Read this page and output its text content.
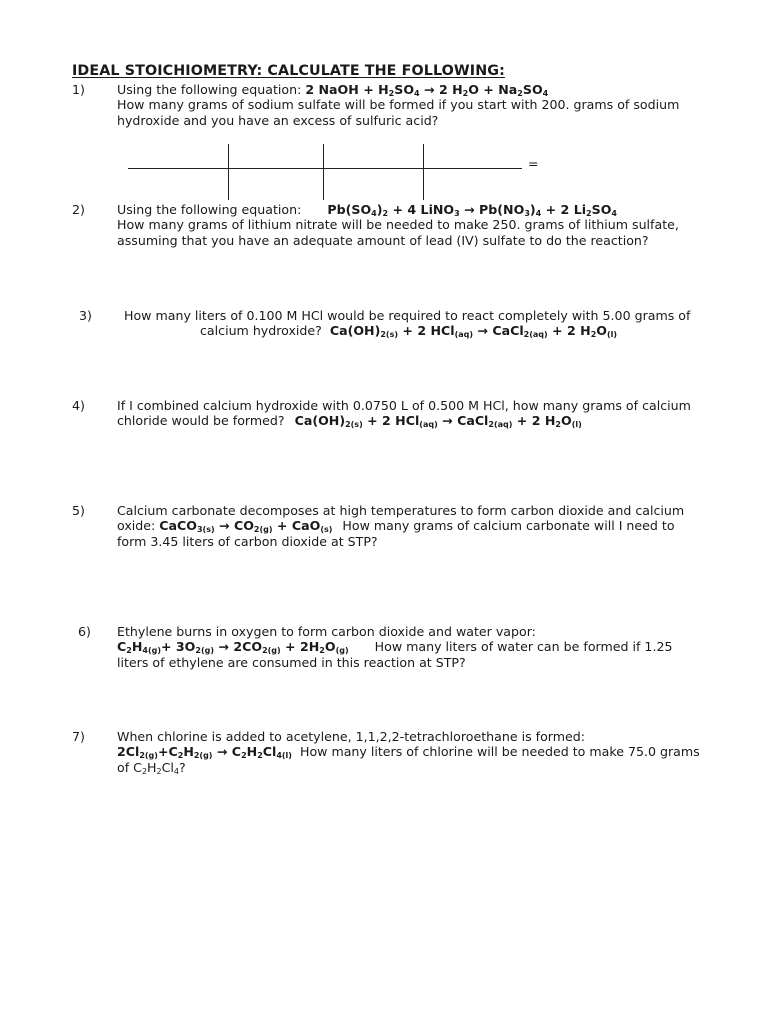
IDEAL STOICHIOMETRY: CALCULATE THE FOLLOWING:
1)	Using the following equation: 2 NaOH + $H_2SO_4 \to 2$ $H_2O + Na_2SO_4$
How many grams of sodium sulfate will be formed if you start with 200. grams of sodium
hydroxide and you have an excess of sulfuric acid?
=
2)	Using the following equation: $Pb(SO_4)_2 + 4$ LiNO$_3$ → $Pb(NO_3)_4 + 2$ $Li_2SO_4$
How many grams of lithium nitrate will be needed to make 250. grams of lithium sulfate,
assuming that you have an adequate amount of lead (IV) sulfate to do the reaction?
3)	How many liters of 0.100 M HCl would be required to react completely with 5.00 grams of
calcium hydroxide? $Ca(OH)_{2(s)} + 2$ HCl$_{(aq)}$ → CaCl$_{2(aq)}$ + 2 $H_2O_{(l)}$
4)	If I combined calcium hydroxide with 0.0750 L of 0.500 M HCl, how many grams of calcium
chloride would be formed? $Ca(OH)_{2(s)} + 2$ HCl$_{(aq)}$ → CaCl$_{2(aq)}$ + 2 $H_2O_{(l)}$
5)	Calcium carbonate decomposes at high temperatures to form carbon dioxide and calcium
oxide: CaCO$_{3(s)}$ → $CO_{2(g)} + CaO_{(s)}$ How many grams of calcium carbonate will I need to
form 3.45 liters of carbon dioxide at STP?
6)	Ethylene burns in oxygen to form carbon dioxide and water vapor:
$C_2H_{4(g)}+ 3O_{2(g)} \to 2CO_{2(g)} + 2H_2O_{(g)}$ How many liters of water can be formed if 1.25
liters of ethylene are consumed in this reaction at STP?
7)	When chlorine is added to acetylene, 1,1,2,2-tetrachloroethane is formed:
$2Cl_{2(g)}+C_2H_{2(g)} \to C_2H_2Cl_{4(l)}$ How many liters of chlorine will be needed to make 75.0 grams
of $C_2H_2Cl_4$?
